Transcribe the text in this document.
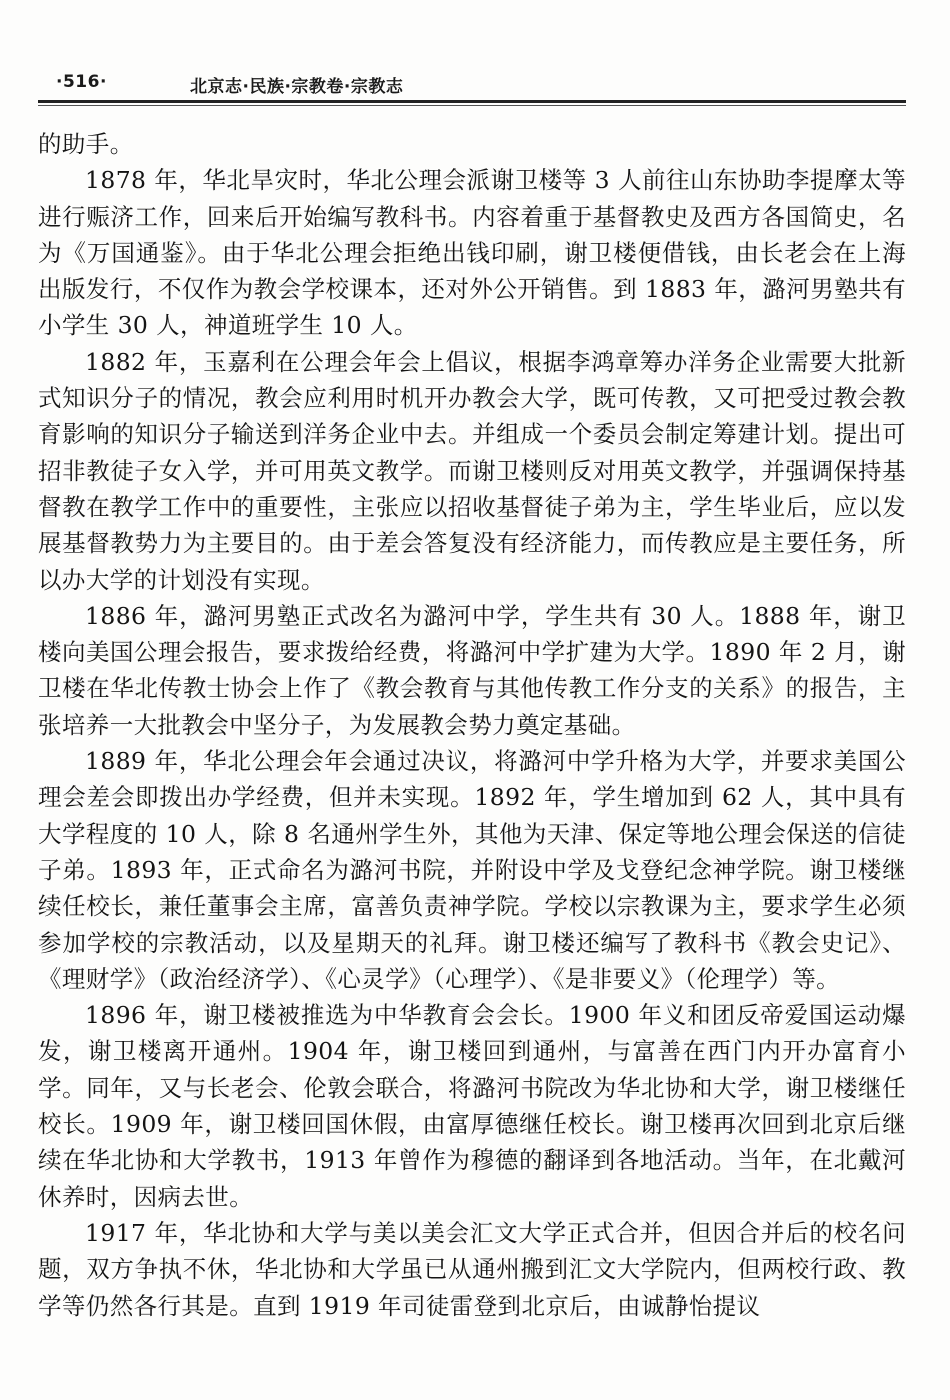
·516·	北京志·民族·宗教卷·宗教志

的助手。

1878 年，华北旱灾时，华北公理会派谢卫楼等 3 人前往山东协助李提摩太等进行赈济工作，回来后开始编写教科书。内容着重于基督教史及西方各国简史，名为《万国通鉴》。由于华北公理会拒绝出钱印刷，谢卫楼便借钱，由长老会在上海出版发行，不仅作为教会学校课本，还对外公开销售。到 1883 年，潞河男塾共有小学生 30 人，神道班学生 10 人。

1882 年，玉嘉利在公理会年会上倡议，根据李鸿章筹办洋务企业需要大批新式知识分子的情况，教会应利用时机开办教会大学，既可传教，又可把受过教会教育影响的知识分子输送到洋务企业中去。并组成一个委员会制定筹建计划。提出可招非教徒子女入学，并可用英文教学。而谢卫楼则反对用英文教学，并强调保持基督教在教学工作中的重要性，主张应以招收基督徒子弟为主，学生毕业后，应以发展基督教势力为主要目的。由于差会答复没有经济能力，而传教应是主要任务，所以办大学的计划没有实现。

1886 年，潞河男塾正式改名为潞河中学，学生共有 30 人。1888 年，谢卫楼向美国公理会报告，要求拨给经费，将潞河中学扩建为大学。1890 年 2 月，谢卫楼在华北传教士协会上作了《教会教育与其他传教工作分支的关系》的报告，主张培养一大批教会中坚分子，为发展教会势力奠定基础。

1889 年，华北公理会年会通过决议，将潞河中学升格为大学，并要求美国公理会差会即拨出办学经费，但并未实现。1892 年，学生增加到 62 人，其中具有大学程度的 10 人，除 8 名通州学生外，其他为天津、保定等地公理会保送的信徒子弟。1893 年，正式命名为潞河书院，并附设中学及戈登纪念神学院。谢卫楼继续任校长，兼任董事会主席，富善负责神学院。学校以宗教课为主，要求学生必须参加学校的宗教活动，以及星期天的礼拜。谢卫楼还编写了教科书《教会史记》、《理财学》（政治经济学）、《心灵学》（心理学）、《是非要义》（伦理学）等。

1896 年，谢卫楼被推选为中华教育会会长。1900 年义和团反帝爱国运动爆发，谢卫楼离开通州。1904 年，谢卫楼回到通州，与富善在西门内开办富育小学。同年，又与长老会、伦敦会联合，将潞河书院改为华北协和大学，谢卫楼继任校长。1909 年，谢卫楼回国休假，由富厚德继任校长。谢卫楼再次回到北京后继续在华北协和大学教书，1913 年曾作为穆德的翻译到各地活动。当年，在北戴河休养时，因病去世。

1917 年，华北协和大学与美以美会汇文大学正式合并，但因合并后的校名问题，双方争执不休，华北协和大学虽已从通州搬到汇文大学院内，但两校行政、教学等仍然各行其是。直到 1919 年司徒雷登到北京后，由诚静怡提议
